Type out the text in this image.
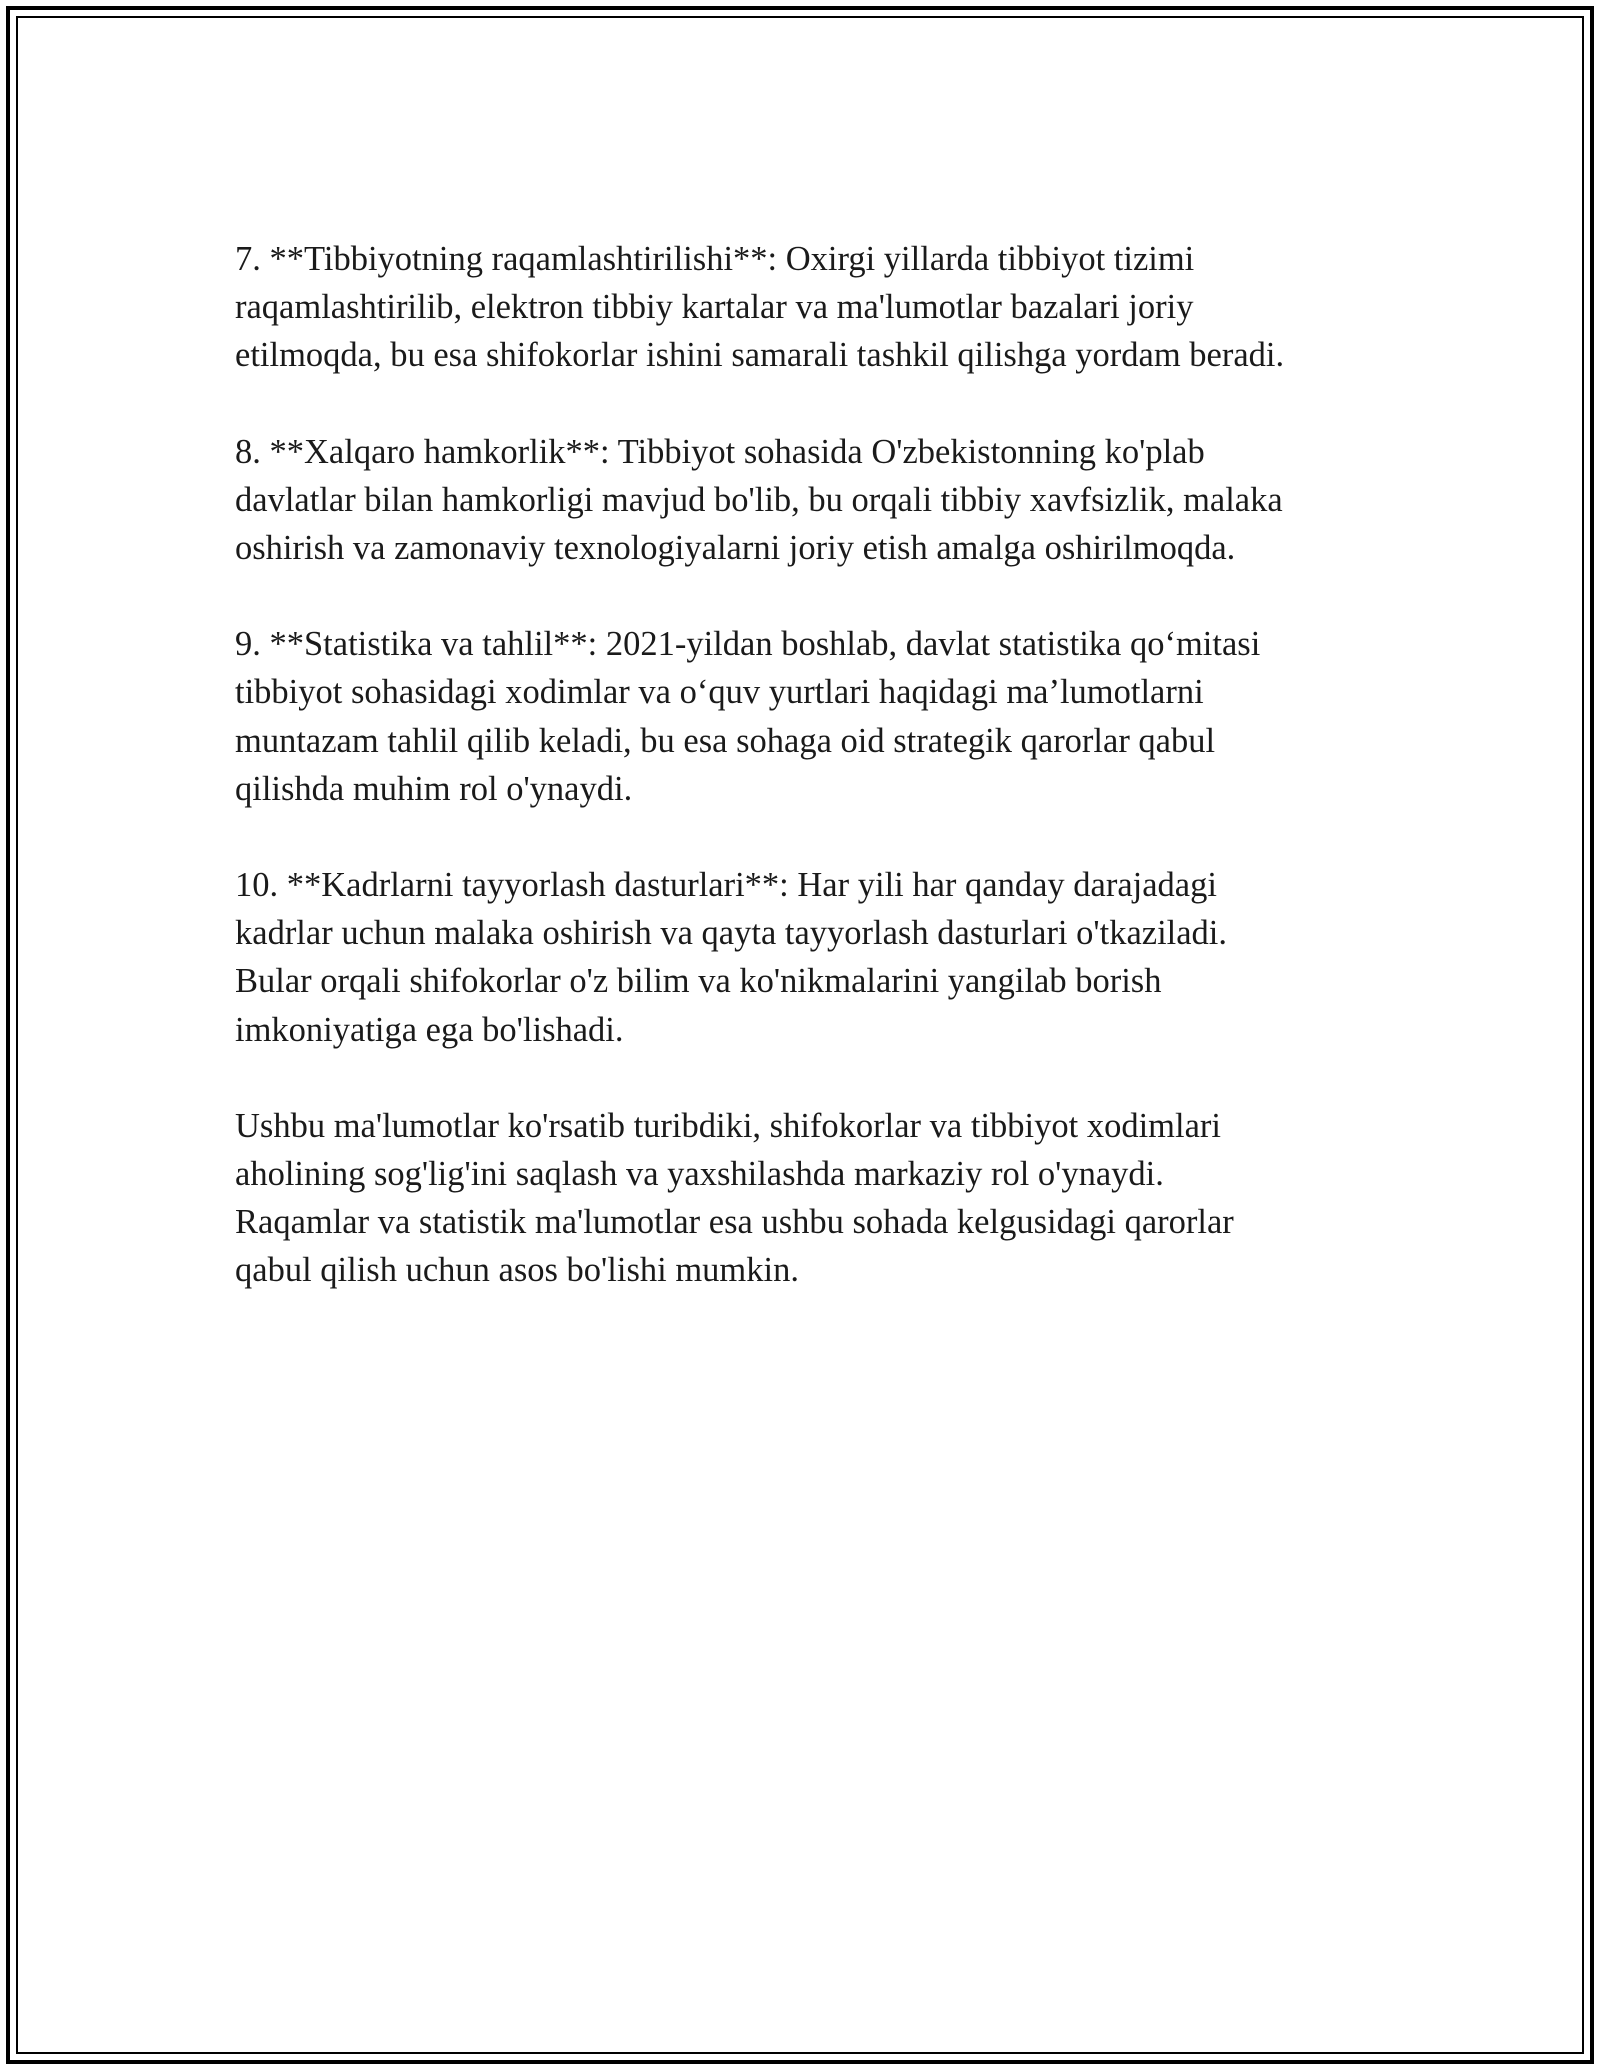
7. **Tibbiyotning raqamlashtirilishi**: Oxirgi yillarda tibbiyot tizimi
raqamlashtirilib, elektron tibbiy kartalar va ma'lumotlar bazalari joriy
etilmoqda, bu esa shifokorlar ishini samarali tashkil qilishga yordam beradi.

8. **Xalqaro hamkorlik**: Tibbiyot sohasida O'zbekistonning ko'plab
davlatlar bilan hamkorligi mavjud bo'lib, bu orqali tibbiy xavfsizlik, malaka
oshirish va zamonaviy texnologiyalarni joriy etish amalga oshirilmoqda.

9. **Statistika va tahlil**: 2021-yildan boshlab, davlat statistika qo‘mitasi
tibbiyot sohasidagi xodimlar va o‘quv yurtlari haqidagi ma’lumotlarni
muntazam tahlil qilib keladi, bu esa sohaga oid strategik qarorlar qabul
qilishda muhim rol o'ynaydi.

10. **Kadrlarni tayyorlash dasturlari**: Har yili har qanday darajadagi
kadrlar uchun malaka oshirish va qayta tayyorlash dasturlari o'tkaziladi.
Bular orqali shifokorlar o'z bilim va ko'nikmalarini yangilab borish
imkoniyatiga ega bo'lishadi.

Ushbu ma'lumotlar ko'rsatib turibdiki, shifokorlar va tibbiyot xodimlari
aholining sog'lig'ini saqlash va yaxshilashda markaziy rol o'ynaydi.
Raqamlar va statistik ma'lumotlar esa ushbu sohada kelgusidagi qarorlar
qabul qilish uchun asos bo'lishi mumkin.
